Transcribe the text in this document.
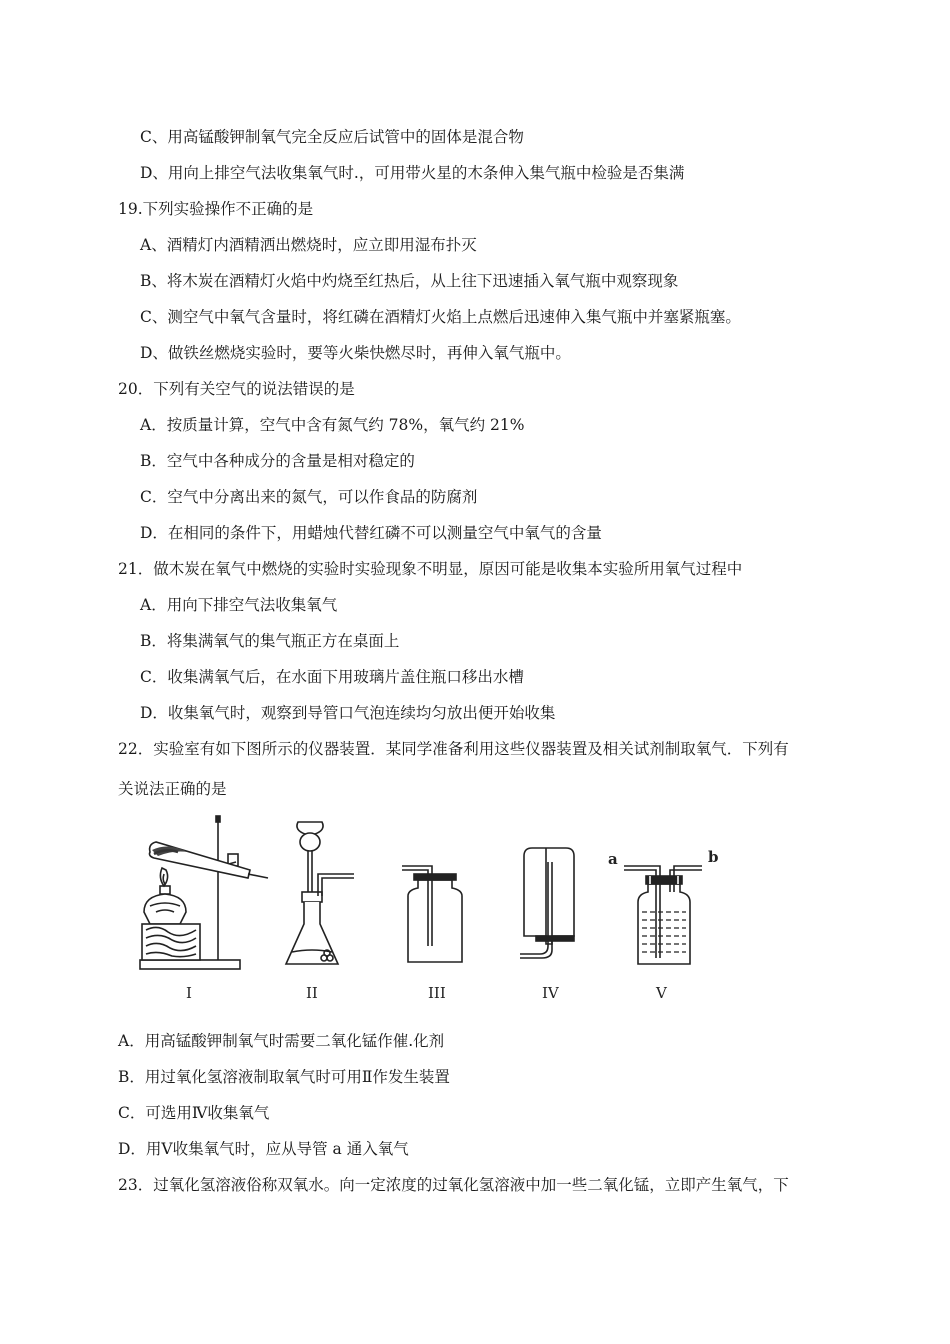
C、用高锰酸钾制氧气完全反应后试管中的固体是混合物
D、用向上排空气法收集氧气时.，可用带火星的木条伸入集气瓶中检验是否集满
19.下列实验操作不正确的是
A、酒精灯内酒精洒出燃烧时，应立即用湿布扑灭
B、将木炭在酒精灯火焰中灼烧至红热后，从上往下迅速插入氧气瓶中观察现象
C、测空气中氧气含量时，将红磷在酒精灯火焰上点燃后迅速伸入集气瓶中并塞紧瓶塞。
D、做铁丝燃烧实验时，要等火柴快燃尽时，再伸入氧气瓶中。
20．下列有关空气的说法错误的是
A．按质量计算，空气中含有氮气约 78%，氧气约 21%
B．空气中各种成分的含量是相对稳定的
C．空气中分离出来的氮气，可以作食品的防腐剂
D．在相同的条件下，用蜡烛代替红磷不可以测量空气中氧气的含量
21．做木炭在氧气中燃烧的实验时实验现象不明显，原因可能是收集本实验所用氧气过程中
A．用向下排空气法收集氧气
B．将集满氧气的集气瓶正方在桌面上
C．收集满氧气后，在水面下用玻璃片盖住瓶口移出水槽
D．收集氧气时，观察到导管口气泡连续均匀放出便开始收集
22．实验室有如下图所示的仪器装置．某同学准备利用这些仪器装置及相关试剂制取氧气．下列有
关说法正确的是
I	II	III	IV
a	b
V
A．用高锰酸钾制氧气时需要二氧化锰作催.化剂
B．用过氧化氢溶液制取氧气时可用Ⅱ作发生装置
C．可选用Ⅳ收集氧气
D．用Ⅴ收集氧气时，应从导管 a 通入氧气
23．过氧化氢溶液俗称双氧水。向一定浓度的过氧化氢溶液中加一些二氧化锰，立即产生氧气，下
